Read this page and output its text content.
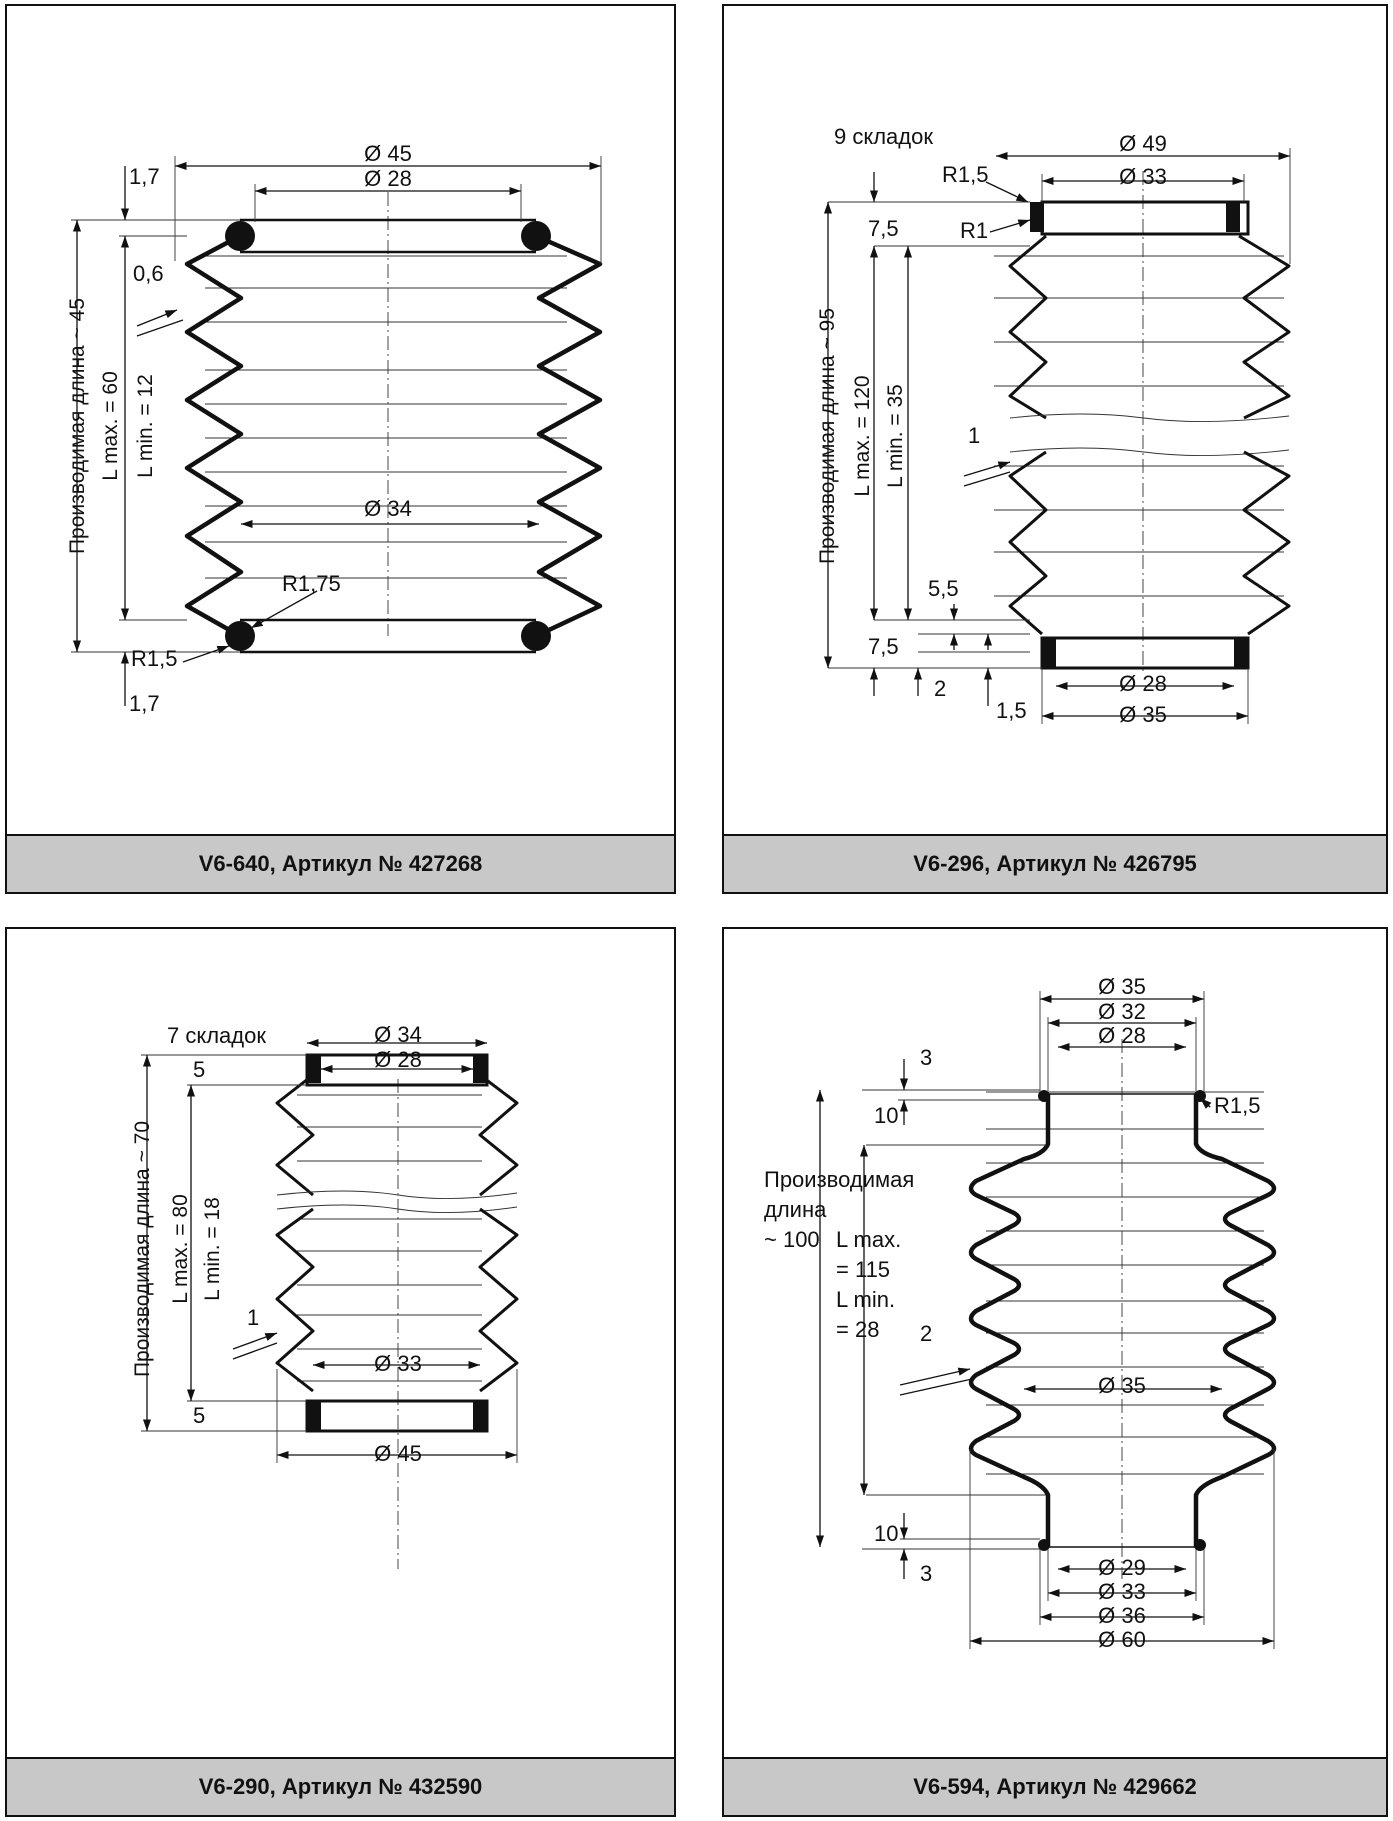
Ø 45
Ø 28
Ø 34
Производимая длина ~ 45 L max. = 60 L min. = 12
1,7
1,7
0,6
R1,75
R1,5
V6-640, Артикул № 427268
9 складок	Ø 49
Ø 33
R1,5
R1
7,5
Производимая длина ~ 95 L max. = 120 L min. = 35	1
5,5
7,5
2
1,5
Ø 28
Ø 35
V6-296, Артикул № 426795
7 складок	Ø 34
Ø 28
5
5
Производимая длина ~ 70 L max. = 80 L min. = 18
1
Ø 33
Ø 45
V6-290, Артикул № 432590
Ø 35
Ø 32
Ø 28
3
10	R1,5
Производимая
длина
~ 100 L max.
= 115
L min.
= 28 2
Ø 35
10
3	Ø 29
Ø 33
Ø 36
Ø 60
V6-594, Артикул № 429662
